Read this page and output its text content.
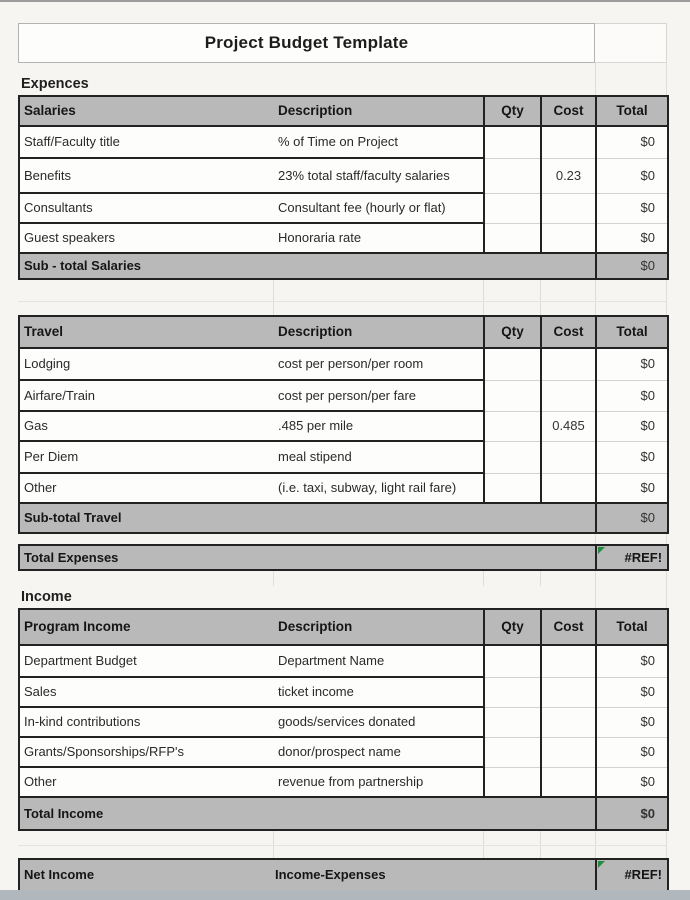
Project Budget Template
Expences
Salaries	Description	Qty	Cost	Total
Staff/Faculty title	% of Time on Project			$0
Benefits	23% total staff/faculty salaries		0.23	$0
Consultants	Consultant fee (hourly or flat)			$0
Guest speakers	Honoraria rate			$0
Sub - total Salaries				$0
Travel	Description	Qty	Cost	Total
Lodging	cost per person/per room			$0
Airfare/Train	cost per person/per fare			$0
Gas	.485 per mile		0.485	$0
Per Diem	meal stipend			$0
Other	(i.e. taxi, subway, light rail fare)			$0
Sub-total Travel				$0
Total Expenses	#REF!
Income
Program Income	Description	Qty	Cost	Total
Department Budget	Department Name			$0
Sales	ticket income			$0
In-kind contributions	goods/services donated			$0
Grants/Sponsorships/RFP's	donor/prospect name			$0
Other	revenue from partnership			$0
Total Income				$0
Net Income	Income-Expenses	#REF!
